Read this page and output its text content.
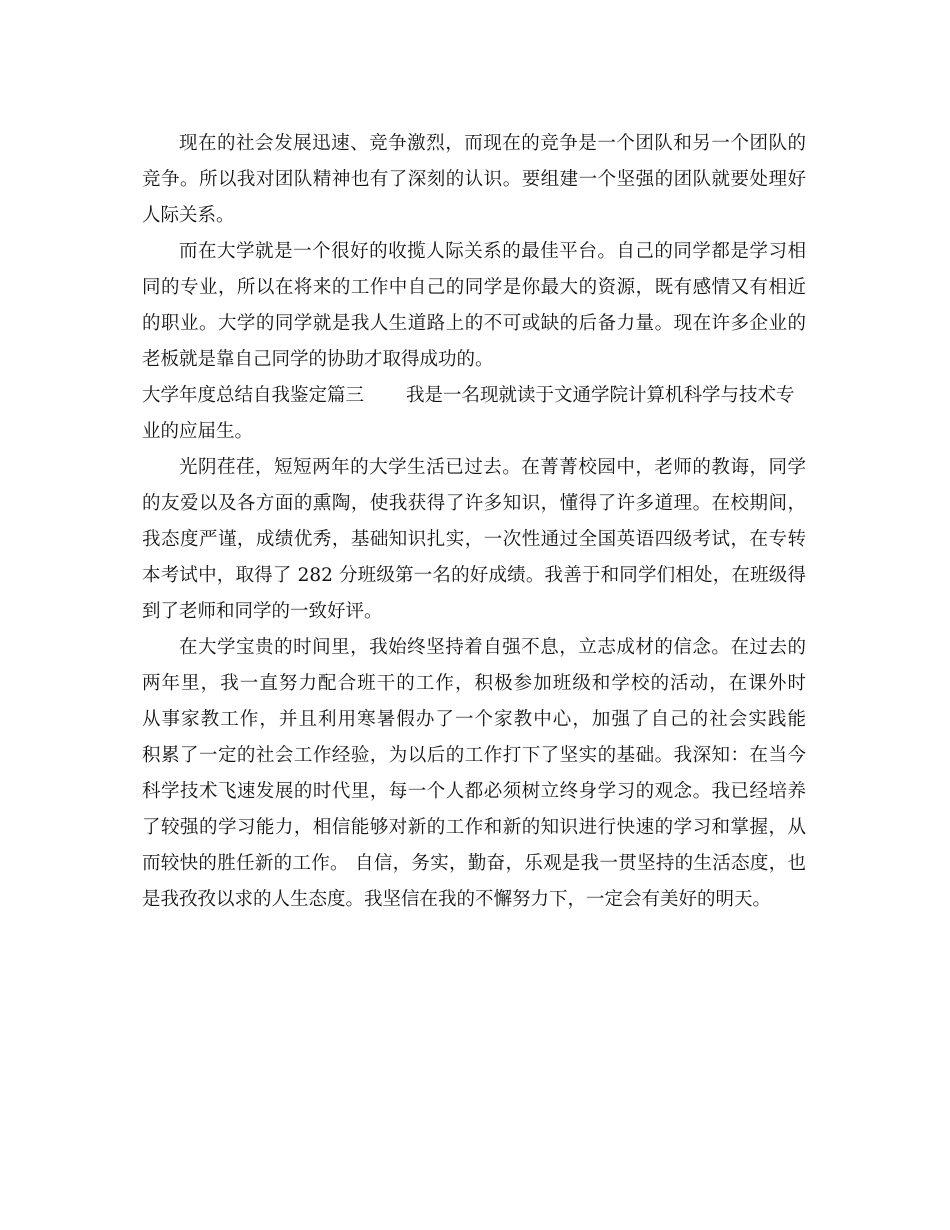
现在的社会发展迅速、竞争激烈，而现在的竞争是一个团队和另一个团队的
竞争。所以我对团队精神也有了深刻的认识。要组建一个坚强的团队就要处理好
人际关系。
而在大学就是一个很好的收揽人际关系的最佳平台。自己的同学都是学习相
同的专业，所以在将来的工作中自己的同学是你最大的资源，既有感情又有相近
的职业。大学的同学就是我人生道路上的不可或缺的后备力量。现在许多企业的
老板就是靠自己同学的协助才取得成功的。
大学年度总结自我鉴定篇三 我是一名现就读于文通学院计算机科学与技术专
业的应届生。
光阴荏荏，短短两年的大学生活已过去。在菁菁校园中，老师的教诲，同学
的友爱以及各方面的熏陶，使我获得了许多知识，懂得了许多道理。在校期间，
我态度严谨，成绩优秀，基础知识扎实，一次性通过全国英语四级考试，在专转
本考试中，取得了 282 分班级第一名的好成绩。我善于和同学们相处，在班级得
到了老师和同学的一致好评。
在大学宝贵的时间里，我始终坚持着自强不息，立志成材的信念。在过去的
两年里，我一直努力配合班干的工作，积极参加班级和学校的活动，在课外时
从事家教工作，并且利用寒暑假办了一个家教中心，加强了自己的社会实践能
积累了一定的社会工作经验，为以后的工作打下了坚实的基础。我深知：在当今
科学技术飞速发展的时代里，每一个人都必须树立终身学习的观念。我已经培养
了较强的学习能力，相信能够对新的工作和新的知识进行快速的学习和掌握，从
而较快的胜任新的工作。 自信，务实，勤奋，乐观是我一贯坚持的生活态度，也
是我孜孜以求的人生态度。我坚信在我的不懈努力下，一定会有美好的明天。
